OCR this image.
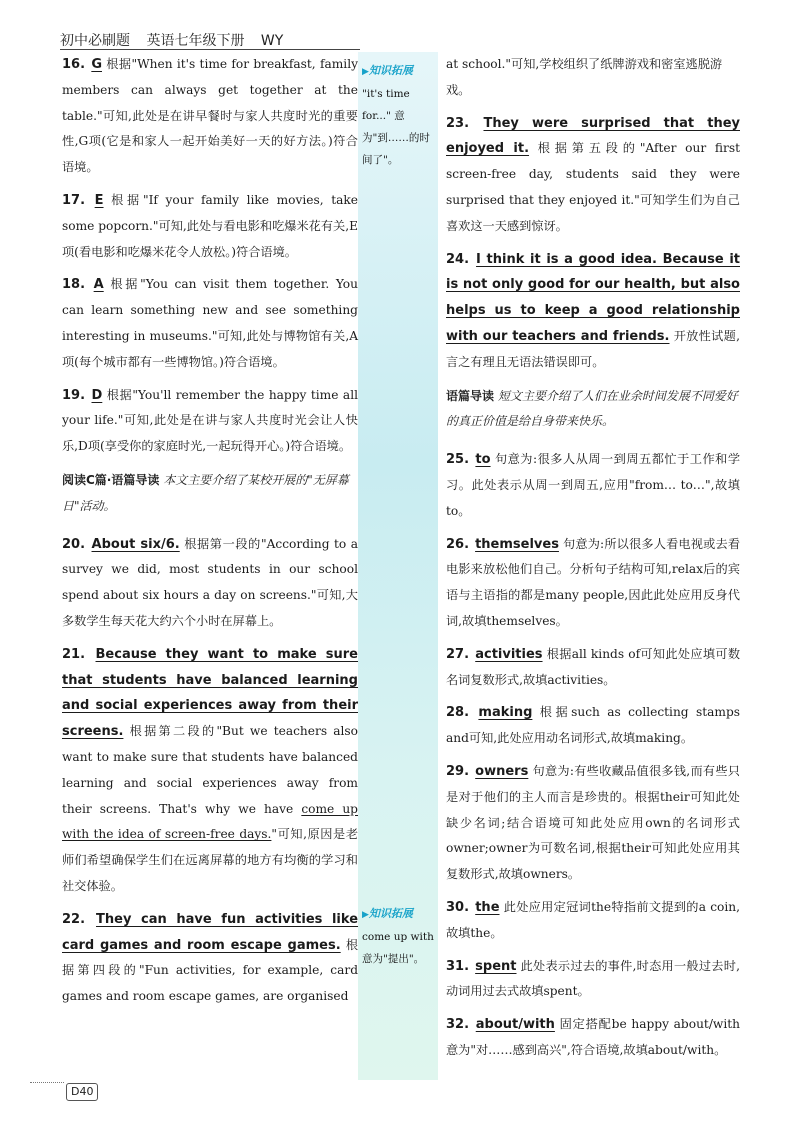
初中必刷题 英语七年级下册 WY
▶知识拓展
"it's time for..." 意为"到……的时间了"。
▶知识拓展
come up with 意为"提出"。
16. G 根据"When it's time for breakfast, family members can always get together at the table."可知,此处是在讲早餐时与家人共度时光的重要性,G项(它是和家人一起开始美好一天的好方法。)符合语境。
17. E 根据"If your family like movies, take some popcorn."可知,此处与看电影和吃爆米花有关,E项(看电影和吃爆米花令人放松。)符合语境。
18. A 根据"You can visit them together. You can learn something new and see something interesting in museums."可知,此处与博物馆有关,A项(每个城市都有一些博物馆。)符合语境。
19. D 根据"You'll remember the happy time all your life."可知,此处是在讲与家人共度时光会让人快乐,D项(享受你的家庭时光,一起玩得开心。)符合语境。
阅读C篇·语篇导读 本文主要介绍了某校开展的"无屏幕日"活动。
20. About six/6. 根据第一段的"According to a survey we did, most students in our school spend about six hours a day on screens."可知,大多数学生每天花大约六个小时在屏幕上。
21. Because they want to make sure that students have balanced learning and social experiences away from their screens. 根据第二段的"But we teachers also want to make sure that students have balanced learning and social experiences away from their screens. That's why we have come up with the idea of screen-free days."可知,原因是老师们希望确保学生们在远离屏幕的地方有均衡的学习和社交体验。
22. They can have fun activities like card games and room escape games. 根据第四段的"Fun activities, for example, card games and room escape games, are organised
at school."可知,学校组织了纸牌游戏和密室逃脱游戏。
23. They were surprised that they enjoyed it. 根据第五段的"After our first screen-free day, students said they were surprised that they enjoyed it."可知学生们为自己喜欢这一天感到惊讶。
24. I think it is a good idea. Because it is not only good for our health, but also helps us to keep a good relationship with our teachers and friends. 开放性试题,言之有理且无语法错误即可。
语篇导读 短文主要介绍了人们在业余时间发展不同爱好的真正价值是给自身带来快乐。
25. to 句意为:很多人从周一到周五都忙于工作和学习。此处表示从周一到周五,应用"from… to…",故填to。
26. themselves 句意为:所以很多人看电视或去看电影来放松他们自己。分析句子结构可知,relax后的宾语与主语指的都是many people,因此此处应用反身代词,故填themselves。
27. activities 根据all kinds of可知此处应填可数名词复数形式,故填activities。
28. making 根据such as collecting stamps and可知,此处应用动名词形式,故填making。
29. owners 句意为:有些收藏品值很多钱,而有些只是对于他们的主人而言是珍贵的。根据their可知此处缺少名词;结合语境可知此处应用own的名词形式owner;owner为可数名词,根据their可知此处应用其复数形式,故填owners。
30. the 此处应用定冠词the特指前文提到的a coin,故填the。
31. spent 此处表示过去的事件,时态用一般过去时,动词用过去式故填spent。
32. about/with 固定搭配be happy about/with意为"对……感到高兴",符合语境,故填about/with。
D40
